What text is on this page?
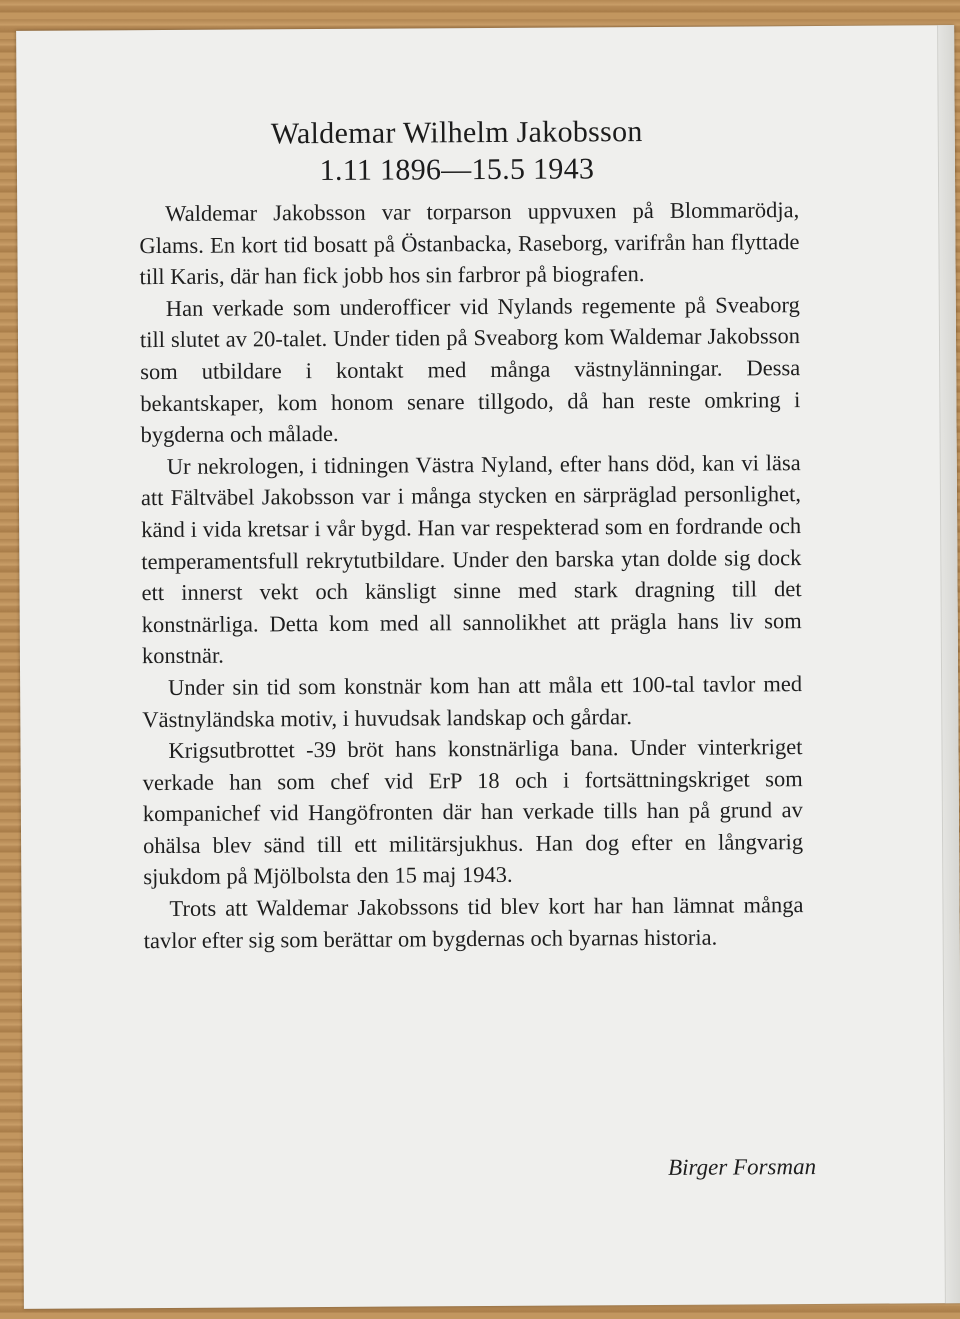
Waldemar Wilhelm Jakobsson
1.11 1896—15.5 1943

Waldemar Jakobsson var torparson uppvuxen på Blommarödja, Glams. En kort tid bosatt på Östanbacka, Raseborg, varifrån han flyttade till Karis, där han fick jobb hos sin farbror på biografen.

Han verkade som underofficer vid Nylands regemente på Sveaborg till slutet av 20-talet. Under tiden på Sveaborg kom Waldemar Jakobsson som utbildare i kontakt med många västnylänningar. Dessa bekantskaper, kom honom senare tillgodo, då han reste omkring i bygderna och målade.

Ur nekrologen, i tidningen Västra Nyland, efter hans död, kan vi läsa att Fältväbel Jakobsson var i många stycken en särpräglad personlighet, känd i vida kretsar i vår bygd. Han var respekterad som en fordrande och temperamentsfull rekrytutbildare. Under den barska ytan dolde sig dock ett innerst vekt och känsligt sinne med stark dragning till det konstnärliga. Detta kom med all sannolikhet att prägla hans liv som konstnär.

Under sin tid som konstnär kom han att måla ett 100-tal tavlor med Västnyländska motiv, i huvudsak landskap och gårdar.

Krigsutbrottet -39 bröt hans konstnärliga bana. Under vinterkriget verkade han som chef vid ErP 18 och i fortsättningskriget som kompanichef vid Hangöfronten där han verkade tills han på grund av ohälsa blev sänd till ett militärsjukhus. Han dog efter en långvarig sjukdom på Mjölbolsta den 15 maj 1943.

Trots att Waldemar Jakobssons tid blev kort har han lämnat många tavlor efter sig som berättar om bygdernas och byarnas historia.

Birger Forsman
